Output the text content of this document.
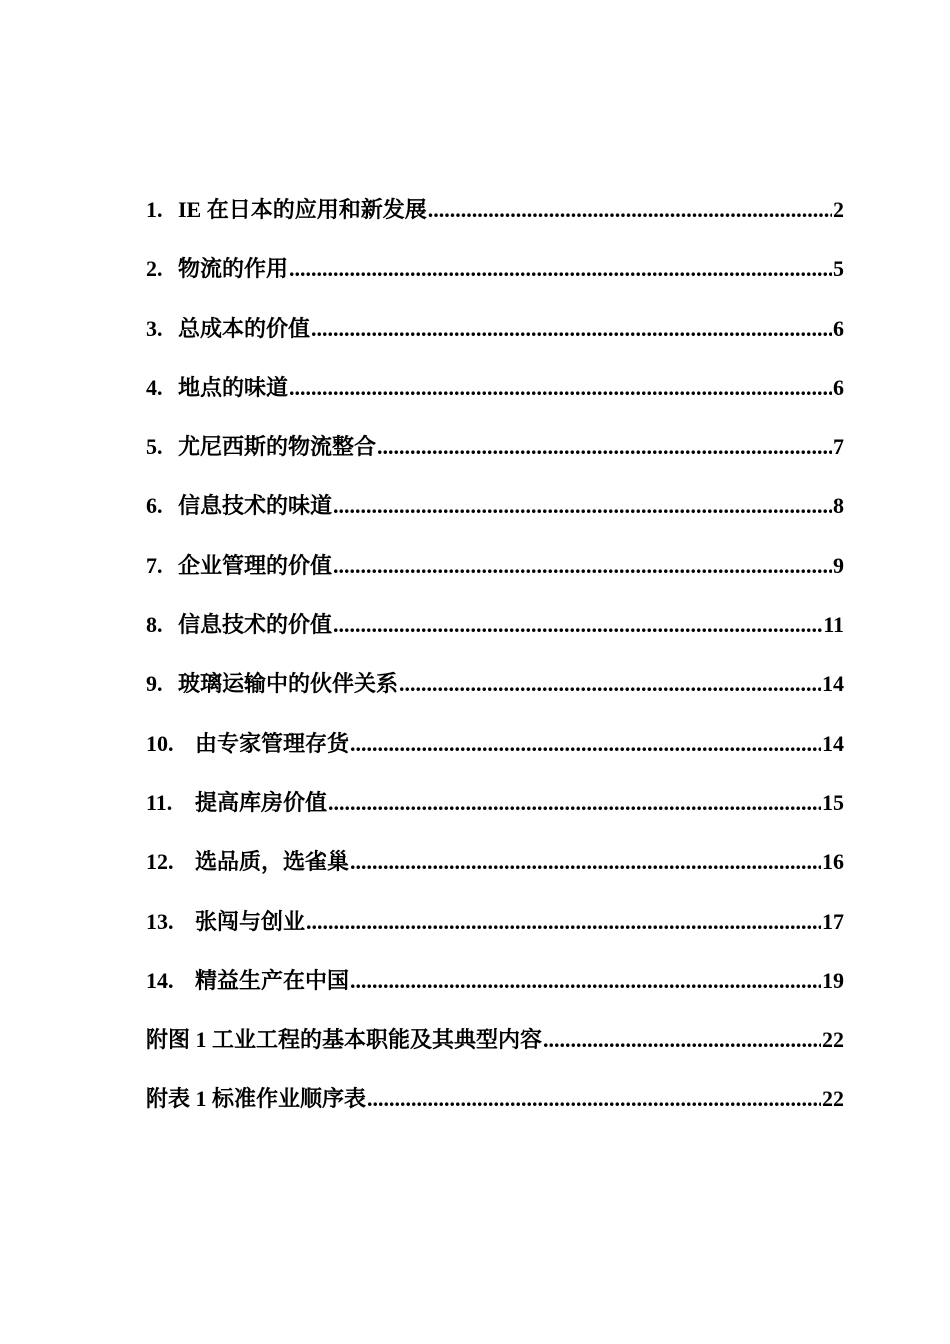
1. IE 在日本的应用和新发展 .....	2
2. 物流的作用 .....	5
3. 总成本的价值 .....	6
4. 地点的味道 .....	6
5. 尤尼西斯的物流整合 .....	7
6. 信息技术的味道 .....	8
7. 企业管理的价值 .....	9
8. 信息技术的价值 .....	11
9. 玻璃运输中的伙伴关系 .....	14
10. 由专家管理存货 .....	14
11.	提高库房价值 .....	15
12. 选品质，选雀巢 .....	16
13. 张闯与创业 .....	17
14. 精益生产在中国 .....	19
附图 1 工业工程的基本职能及其典型内容 .....	22
附表 1 标准作业顺序表 .....	22
